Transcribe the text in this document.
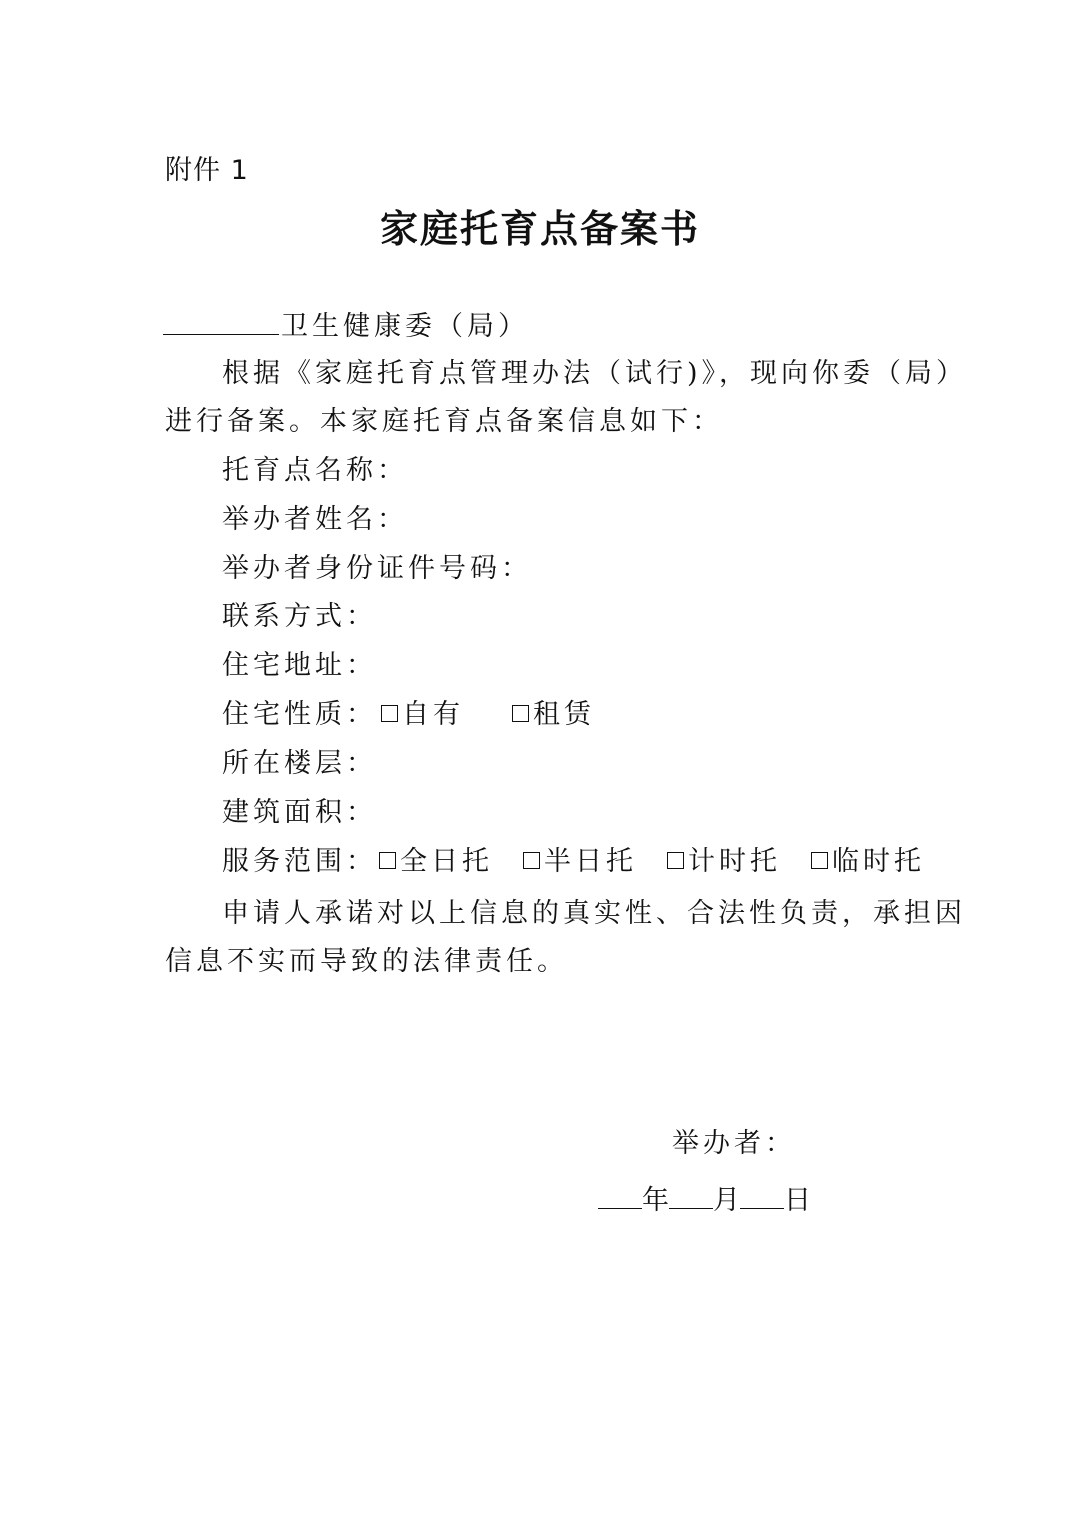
附件 1
家庭托育点备案书
卫生健康委（局）
根据《家庭托育点管理办法（试行)》，现向你委（局）
进行备案。本家庭托育点备案信息如下：
托育点名称：
举办者姓名：
举办者身份证件号码：
联系方式：
住宅地址：
住宅性质： 自有	租赁
所在楼层：
建筑面积：
服务范围： 全日托 半日托 计时托 临时托
申请人承诺对以上信息的真实性、合法性负责，承担因
信息不实而导致的法律责任。
举办者：
年 月 日
